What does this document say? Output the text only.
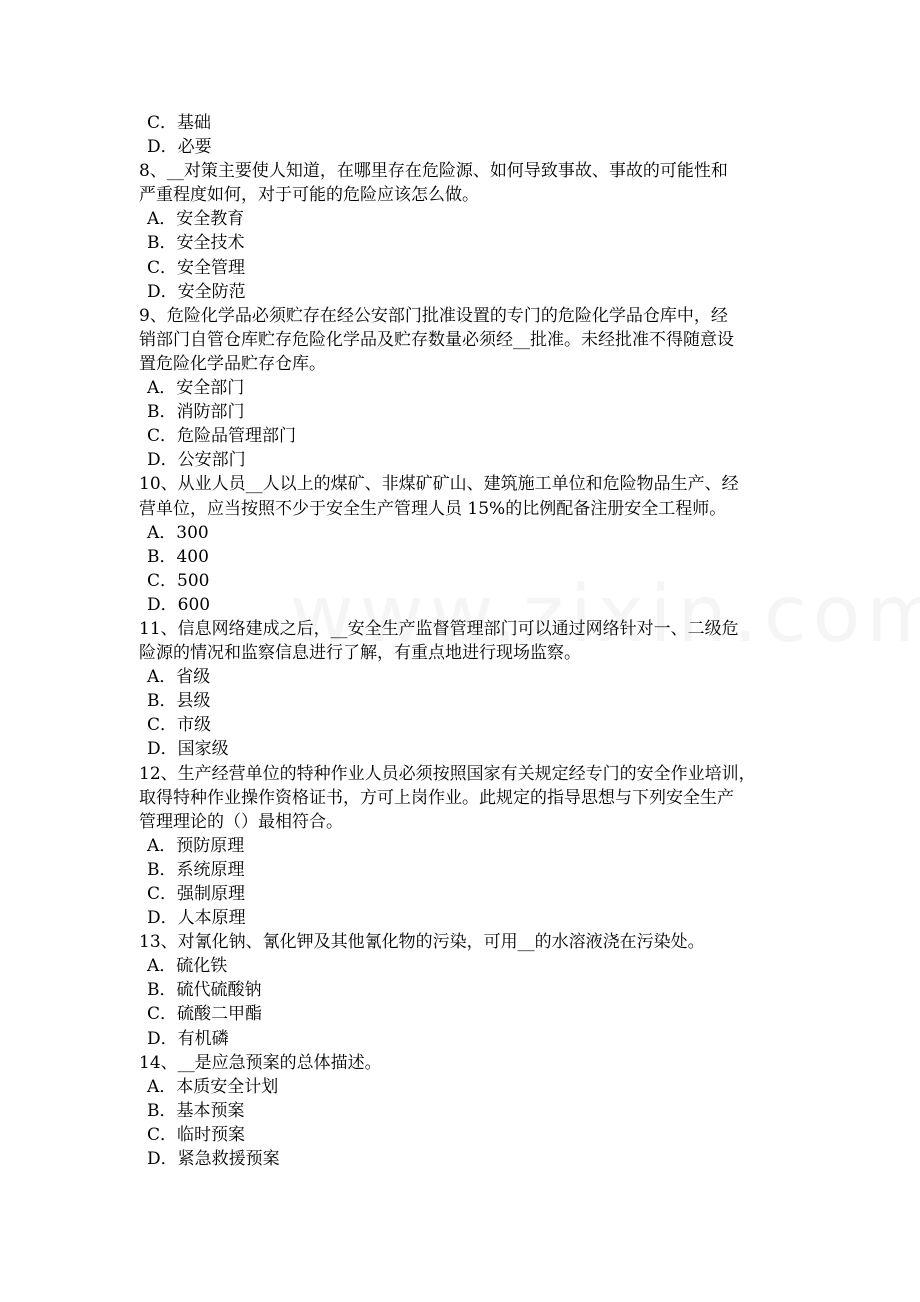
C．基础
D．必要
8、__对策主要使人知道，在哪里存在危险源、如何导致事故、事故的可能性和
严重程度如何，对于可能的危险应该怎么做。
A．安全教育
B．安全技术
C．安全管理
D．安全防范
9、危险化学品必须贮存在经公安部门批准设置的专门的危险化学品仓库中，经
销部门自管仓库贮存危险化学品及贮存数量必须经__批准。未经批准不得随意设
置危险化学品贮存仓库。
A．安全部门
B．消防部门
C．危险品管理部门
D．公安部门
10、从业人员__人以上的煤矿、非煤矿矿山、建筑施工单位和危险物品生产、经
营单位，应当按照不少于安全生产管理人员 15%的比例配备注册安全工程师。
A．300
B．400
C．500
D．600
11、信息网络建成之后，__安全生产监督管理部门可以通过网络针对一、二级危
险源的情况和监察信息进行了解，有重点地进行现场监察。
A．省级
B．县级
C．市级
D．国家级
12、生产经营单位的特种作业人员必须按照国家有关规定经专门的安全作业培训，
取得特种作业操作资格证书，方可上岗作业。此规定的指导思想与下列安全生产
管理理论的（）最相符合。
A．预防原理
B．系统原理
C．强制原理
D．人本原理
13、对氰化钠、氰化钾及其他氰化物的污染，可用__的水溶液浇在污染处。
A．硫化铁
B．硫代硫酸钠
C．硫酸二甲酯
D．有机磷
14、__是应急预案的总体描述。
A．本质安全计划
B．基本预案
C．临时预案
D．紧急救援预案
